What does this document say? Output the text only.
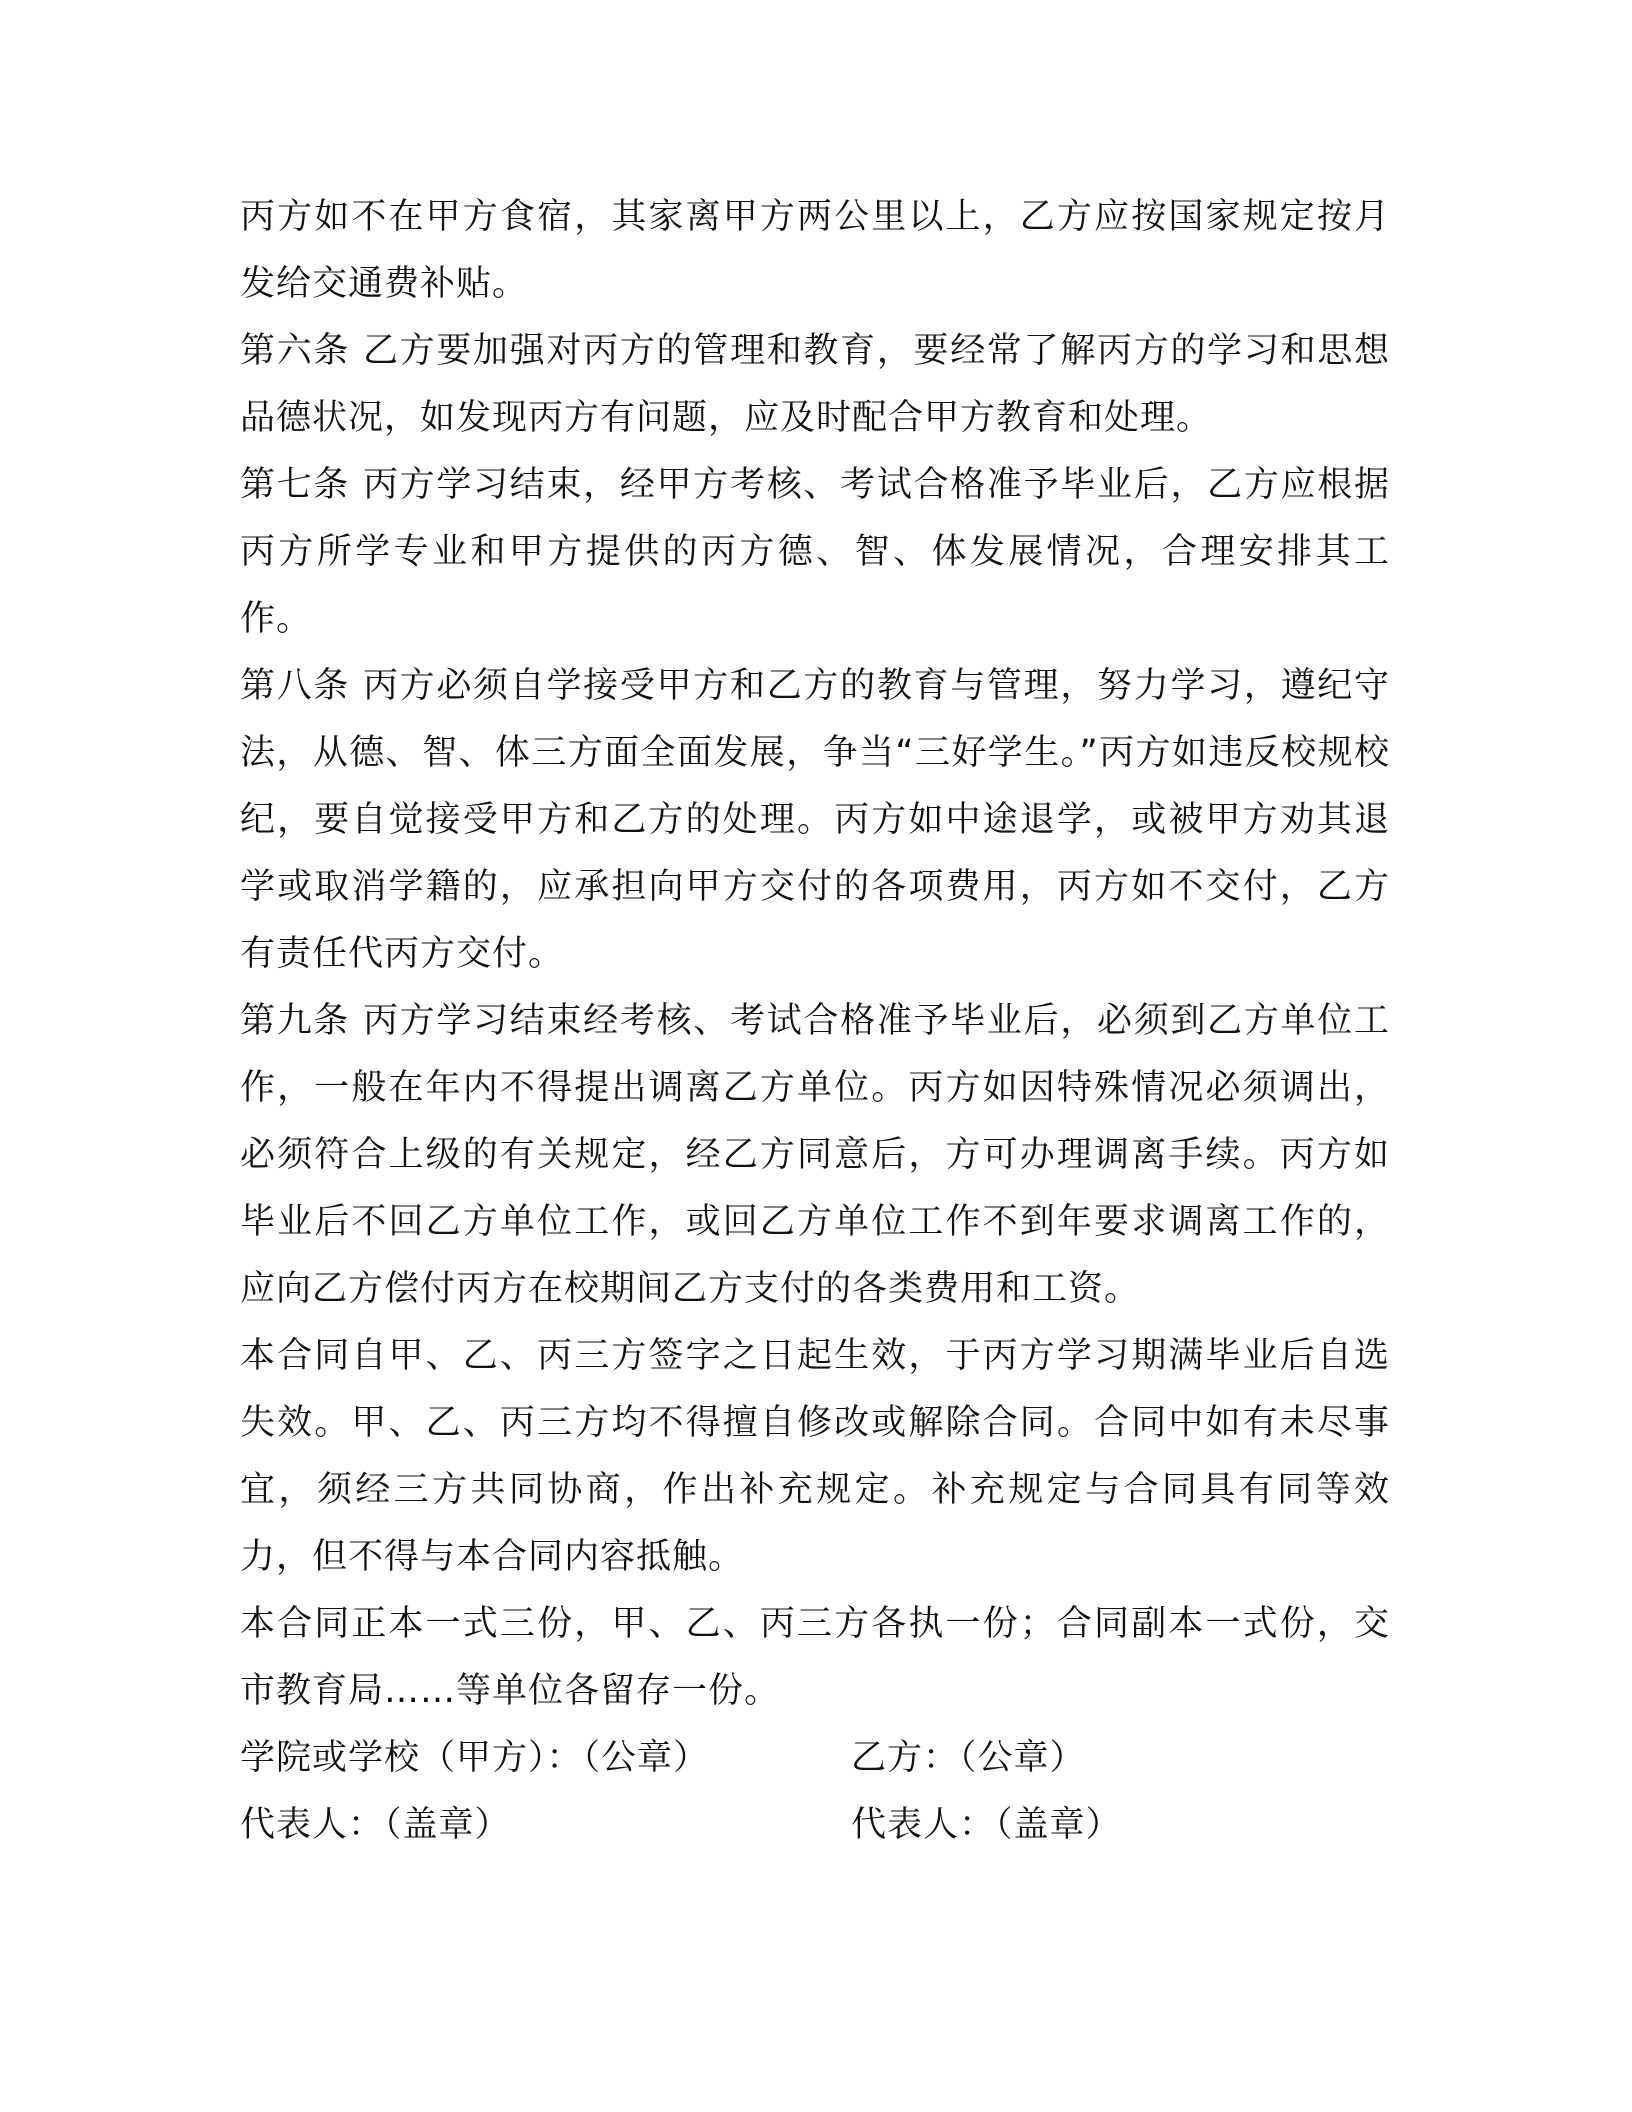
丙方如不在甲方食宿，其家离甲方两公里以上，乙方应按国家规定按月发给交通费补贴。

第六条 乙方要加强对丙方的管理和教育，要经常了解丙方的学习和思想品德状况，如发现丙方有问题，应及时配合甲方教育和处理。

第七条 丙方学习结束，经甲方考核、考试合格准予毕业后，乙方应根据丙方所学专业和甲方提供的丙方德、智、体发展情况，合理安排其工作。

第八条 丙方必须自学接受甲方和乙方的教育与管理，努力学习，遵纪守法，从德、智、体三方面全面发展，争当“三好学生。”丙方如违反校规校纪，要自觉接受甲方和乙方的处理。丙方如中途退学，或被甲方劝其退学或取消学籍的，应承担向甲方交付的各项费用，丙方如不交付，乙方有责任代丙方交付。

第九条 丙方学习结束经考核、考试合格准予毕业后，必须到乙方单位工作，一般在年内不得提出调离乙方单位。丙方如因特殊情况必须调出，必须符合上级的有关规定，经乙方同意后，方可办理调离手续。丙方如毕业后不回乙方单位工作，或回乙方单位工作不到年要求调离工作的，应向乙方偿付丙方在校期间乙方支付的各类费用和工资。

本合同自甲、乙、丙三方签字之日起生效，于丙方学习期满毕业后自选失效。甲、乙、丙三方均不得擅自修改或解除合同。合同中如有未尽事宜，须经三方共同协商，作出补充规定。补充规定与合同具有同等效力，但不得与本合同内容抵触。

本合同正本一式三份，甲、乙、丙三方各执一份；合同副本一式份，交市教育局……等单位各留存一份。

学院或学校（甲方）：（公章）	乙方：（公章）
代表人：（盖章）	代表人：（盖章）
